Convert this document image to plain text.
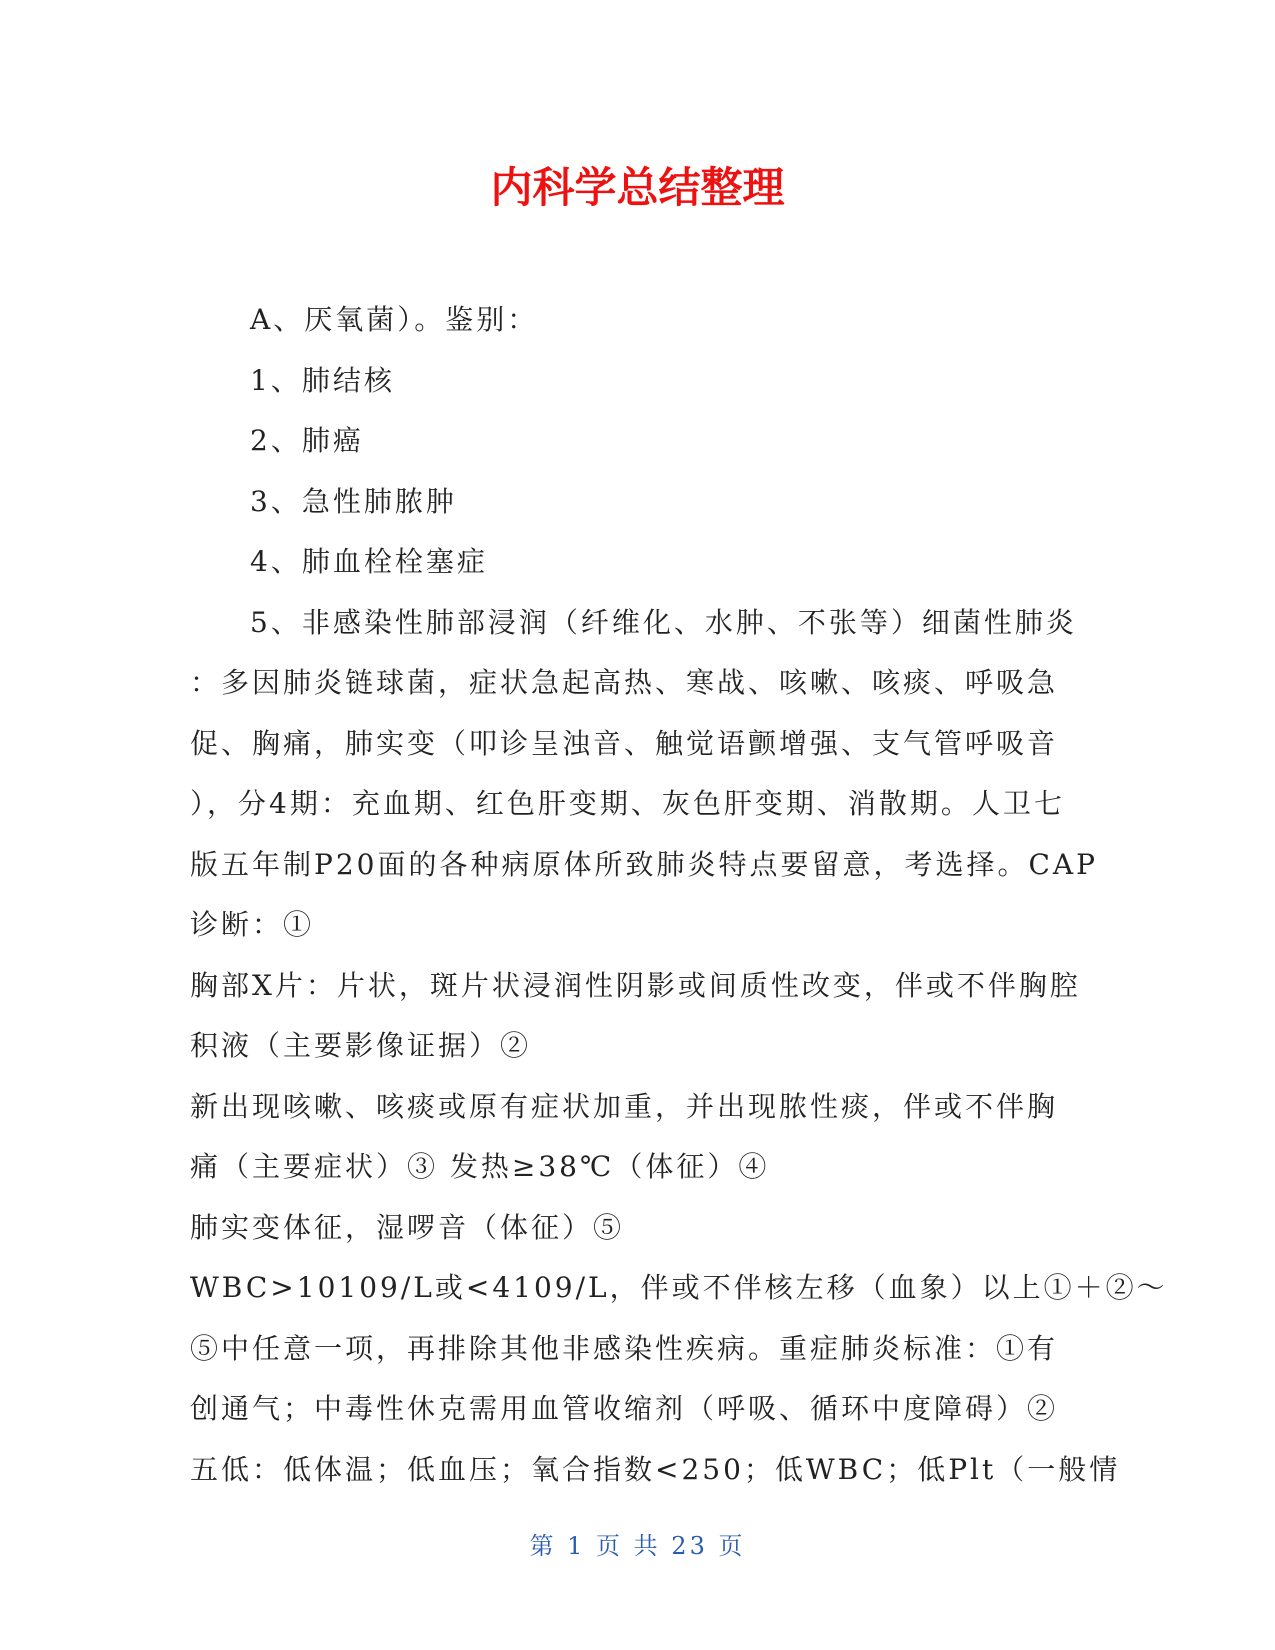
内科学总结整理
A、厌氧菌）。鉴别：
1、肺结核
2、肺癌
3、急性肺脓肿
4、肺血栓栓塞症
5、非感染性肺部浸润（纤维化、水肿、不张等）细菌性肺炎
：多因肺炎链球菌，症状急起高热、寒战、咳嗽、咳痰、呼吸急
促、胸痛，肺实变（叩诊呈浊音、触觉语颤增强、支气管呼吸音
），分4期：充血期、红色肝变期、灰色肝变期、消散期。人卫七
版五年制P20面的各种病原体所致肺炎特点要留意，考选择。CAP
诊断：①
胸部X片：片状，斑片状浸润性阴影或间质性改变，伴或不伴胸腔
积液（主要影像证据）②
新出现咳嗽、咳痰或原有症状加重，并出现脓性痰，伴或不伴胸
痛（主要症状）③ 发热≥38℃（体征）④
肺实变体征，湿啰音（体征）⑤
WBC>10109/L或<4109/L，伴或不伴核左移（血象）以上①＋②～
⑤中任意一项，再排除其他非感染性疾病。重症肺炎标准：①有
创通气；中毒性休克需用血管收缩剂（呼吸、循环中度障碍）②
五低：低体温；低血压；氧合指数<250；低WBC；低Plt（一般情
第 1 页 共 23 页
